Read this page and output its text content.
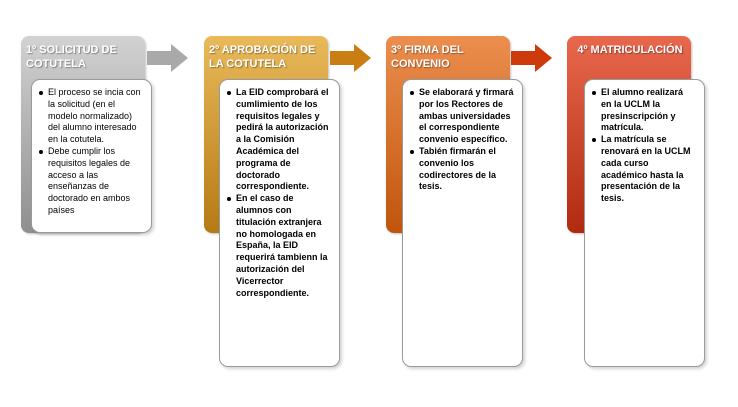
1º SOLICITUD DE COTUTELA
El proceso se incia con la solicitud (en el modelo normalizado) del alumno interesado en la cotutela.
Debe cumplir los requisitos legales de acceso a las enseñanzas de doctorado en ambos países
2º APROBACIÓN DE LA COTUTELA
La EID comprobará el cumlimiento de los requisitos legales y pedirá la autorización a la Comisión Académica del programa de doctorado correspondiente.
En el caso de alumnos con titulación extranjera no homologada en España, la EID requerirá tambienn la autorización del Vicerrector correspondiente.
3º FIRMA DEL CONVENIO
Se elaborará y firmará por los Rectores de ambas universidades el correspondiente convenio específico.
Tabién firmarán el convenio los codirectores de la tesis.
4º MATRICULACIÓN
El alumno realizará en la UCLM la presinscripción y matrícula.
La matrícula se renovará en la UCLM cada curso académico hasta la presentación de la tesis.
